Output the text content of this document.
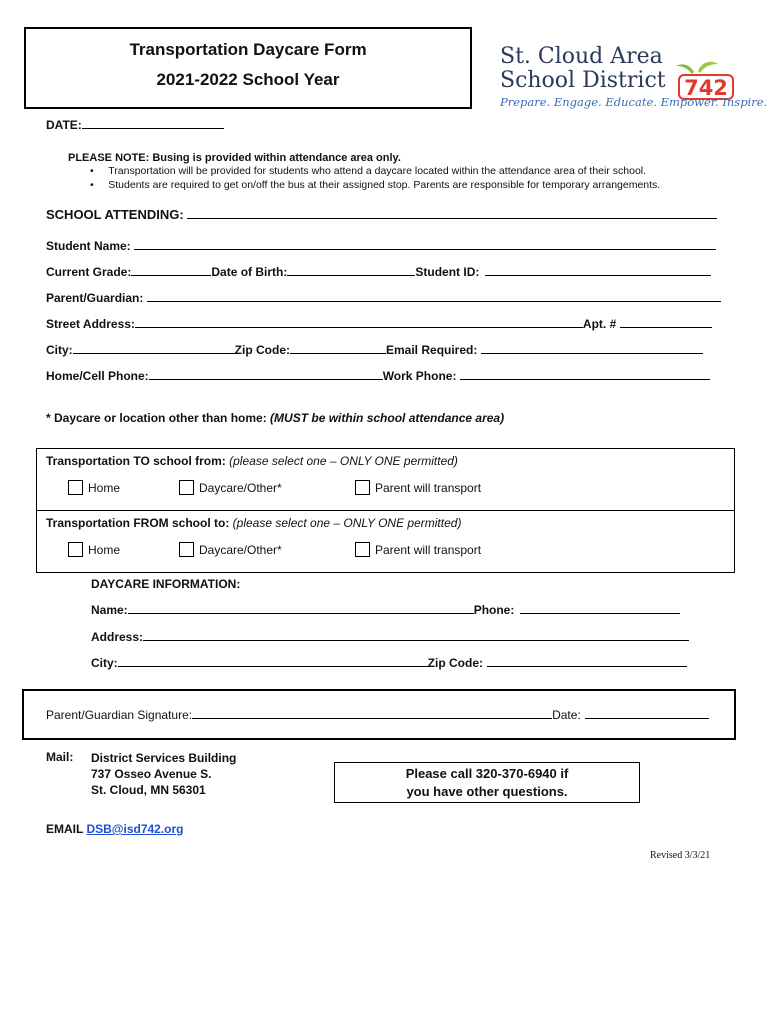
Transportation Daycare Form
2021-2022 School Year
St. Cloud Area
School District 742
Prepare. Engage. Educate. Empower. Inspire.
DATE:
PLEASE NOTE: Busing is provided within attendance area only.
•     Transportation will be provided for students who attend a daycare located within the attendance area of their school.
•     Students are required to get on/off the bus at their assigned stop. Parents are responsible for temporary arrangements.
SCHOOL ATTENDING:
Student Name:
Current Grade:	Date of Birth:	Student ID:
Parent/Guardian:
Street Address:	Apt. #
City:	Zip Code:	Email Required:
Home/Cell Phone:	Work Phone:
* Daycare or location other than home: (MUST be within school attendance area)
Transportation TO school from: (please select one – ONLY ONE permitted)
Home	Daycare/Other*	Parent will transport
Transportation FROM school to: (please select one – ONLY ONE permitted)
Home	Daycare/Other*	Parent will transport
DAYCARE INFORMATION:
Name:	Phone:
Address:
City:	Zip Code:
Parent/Guardian Signature:	Date:
Mail: District Services Building
737 Osseo Avenue S.
St. Cloud, MN 56301
Please call 320-370-6940 if
you have other questions.
EMAIL DSB@isd742.org
Revised 3/3/21
